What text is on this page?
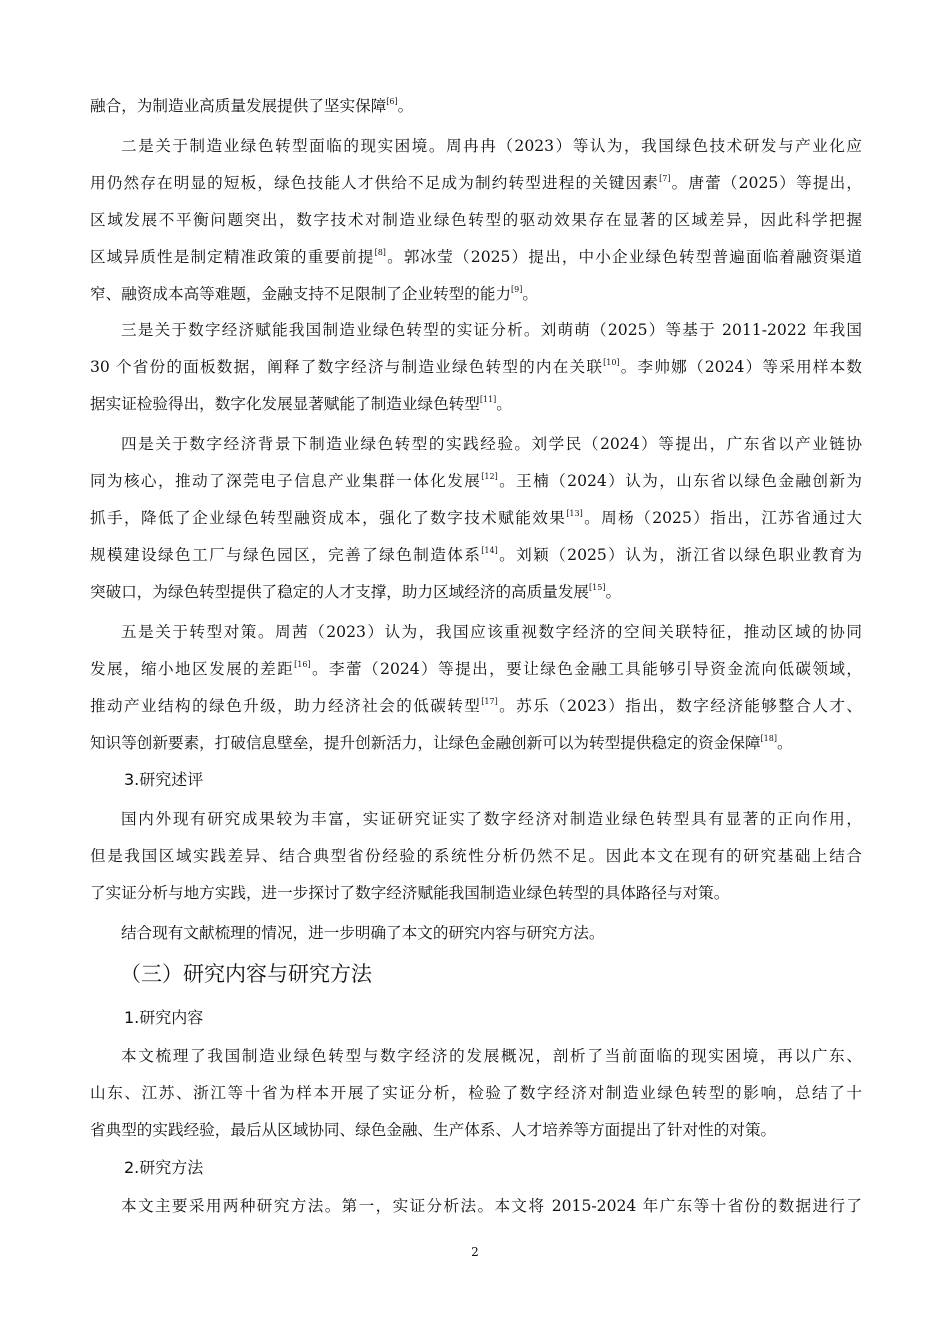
融合，为制造业高质量发展提供了坚实保障[6]。
二是关于制造业绿色转型面临的现实困境。周冉冉（2023）等认为，我国绿色技术研发与产业化应
用仍然存在明显的短板，绿色技能人才供给不足成为制约转型进程的关键因素[7]。唐蕾（2025）等提出，
区域发展不平衡问题突出，数字技术对制造业绿色转型的驱动效果存在显著的区域差异，因此科学把握
区域异质性是制定精准政策的重要前提[8]。郭冰莹（2025）提出，中小企业绿色转型普遍面临着融资渠道
窄、融资成本高等难题，金融支持不足限制了企业转型的能力[9]。
三是关于数字经济赋能我国制造业绿色转型的实证分析。刘萌萌（2025）等基于 2011-2022 年我国
30 个省份的面板数据，阐释了数字经济与制造业绿色转型的内在关联[10]。李帅娜（2024）等采用样本数
据实证检验得出，数字化发展显著赋能了制造业绿色转型[11]。
四是关于数字经济背景下制造业绿色转型的实践经验。刘学民（2024）等提出，广东省以产业链协
同为核心，推动了深莞电子信息产业集群一体化发展[12]。王楠（2024）认为，山东省以绿色金融创新为
抓手，降低了企业绿色转型融资成本，强化了数字技术赋能效果[13]。周杨（2025）指出，江苏省通过大
规模建设绿色工厂与绿色园区，完善了绿色制造体系[14]。刘颖（2025）认为，浙江省以绿色职业教育为
突破口，为绿色转型提供了稳定的人才支撑，助力区域经济的高质量发展[15]。
五是关于转型对策。周茜（2023）认为，我国应该重视数字经济的空间关联特征，推动区域的协同
发展，缩小地区发展的差距[16]。李蕾（2024）等提出，要让绿色金融工具能够引导资金流向低碳领域，
推动产业结构的绿色升级，助力经济社会的低碳转型[17]。苏乐（2023）指出，数字经济能够整合人才、
知识等创新要素，打破信息壁垒，提升创新活力，让绿色金融创新可以为转型提供稳定的资金保障[18]。
3.研究述评
国内外现有研究成果较为丰富，实证研究证实了数字经济对制造业绿色转型具有显著的正向作用，
但是我国区域实践差异、结合典型省份经验的系统性分析仍然不足。因此本文在现有的研究基础上结合
了实证分析与地方实践，进一步探讨了数字经济赋能我国制造业绿色转型的具体路径与对策。
结合现有文献梳理的情况，进一步明确了本文的研究内容与研究方法。
（三）研究内容与研究方法
1.研究内容
本文梳理了我国制造业绿色转型与数字经济的发展概况，剖析了当前面临的现实困境，再以广东、
山东、江苏、浙江等十省为样本开展了实证分析，检验了数字经济对制造业绿色转型的影响，总结了十
省典型的实践经验，最后从区域协同、绿色金融、生产体系、人才培养等方面提出了针对性的对策。
2.研究方法
本文主要采用两种研究方法。第一，实证分析法。本文将 2015-2024 年广东等十省份的数据进行了
2
